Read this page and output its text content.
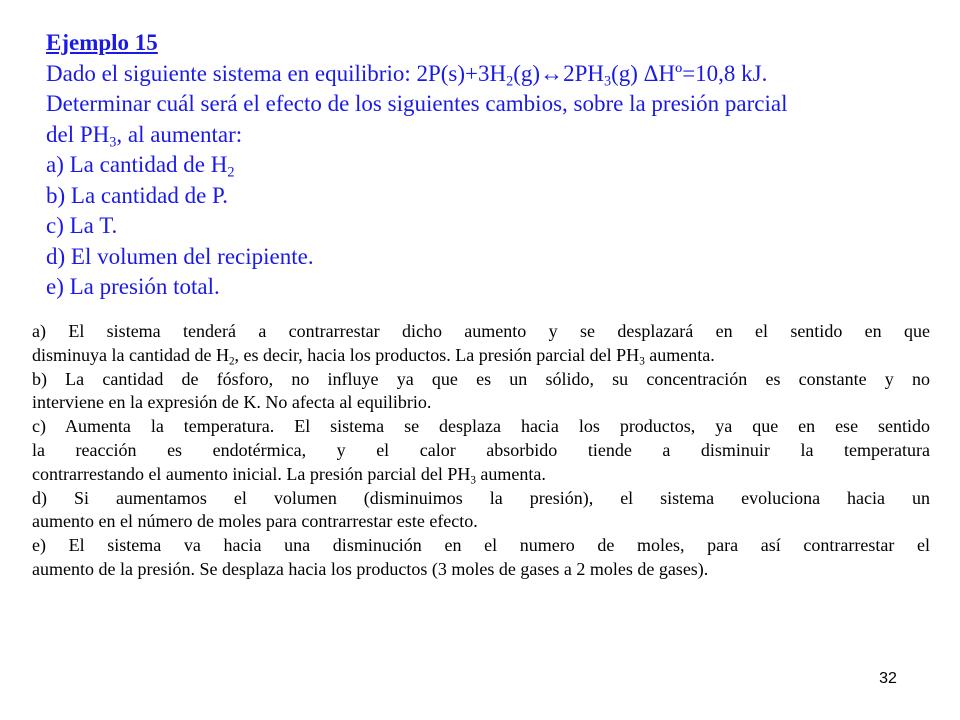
Ejemplo 15
Dado el siguiente sistema en equilibrio: $2P(s)+3H_2(g)\leftrightarrow 2PH_3(g)$ ΔHº=10,8 kJ.
Determinar cuál será el efecto de los siguientes cambios, sobre la presión parcial
del $PH_3$, al aumentar:
a) La cantidad de $H_2$
b) La cantidad de P.
c) La T.
d) El volumen del recipiente.
e) La presión total.
a) El sistema tenderá a contrarrestar dicho aumento y se desplazará en el sentido en que
disminuya la cantidad de $H_2$, es decir, hacia los productos. La presión parcial del $PH_3$ aumenta.
b) La cantidad de fósforo, no influye ya que es un sólido, su concentración es constante y no
interviene en la expresión de K. No afecta al equilibrio.
c) Aumenta la temperatura. El sistema se desplaza hacia los productos, ya que en ese sentido
la reacción es endotérmica, y el calor absorbido tiende a disminuir la temperatura
contrarrestando el aumento inicial. La presión parcial del $PH_3$ aumenta.
d) Si aumentamos el volumen (disminuimos la presión), el sistema evoluciona hacia un
aumento en el número de moles para contrarrestar este efecto.
e) El sistema va hacia una disminución en el numero de moles, para así contrarrestar el
aumento de la presión. Se desplaza hacia los productos (3 moles de gases a 2 moles de gases).
32
